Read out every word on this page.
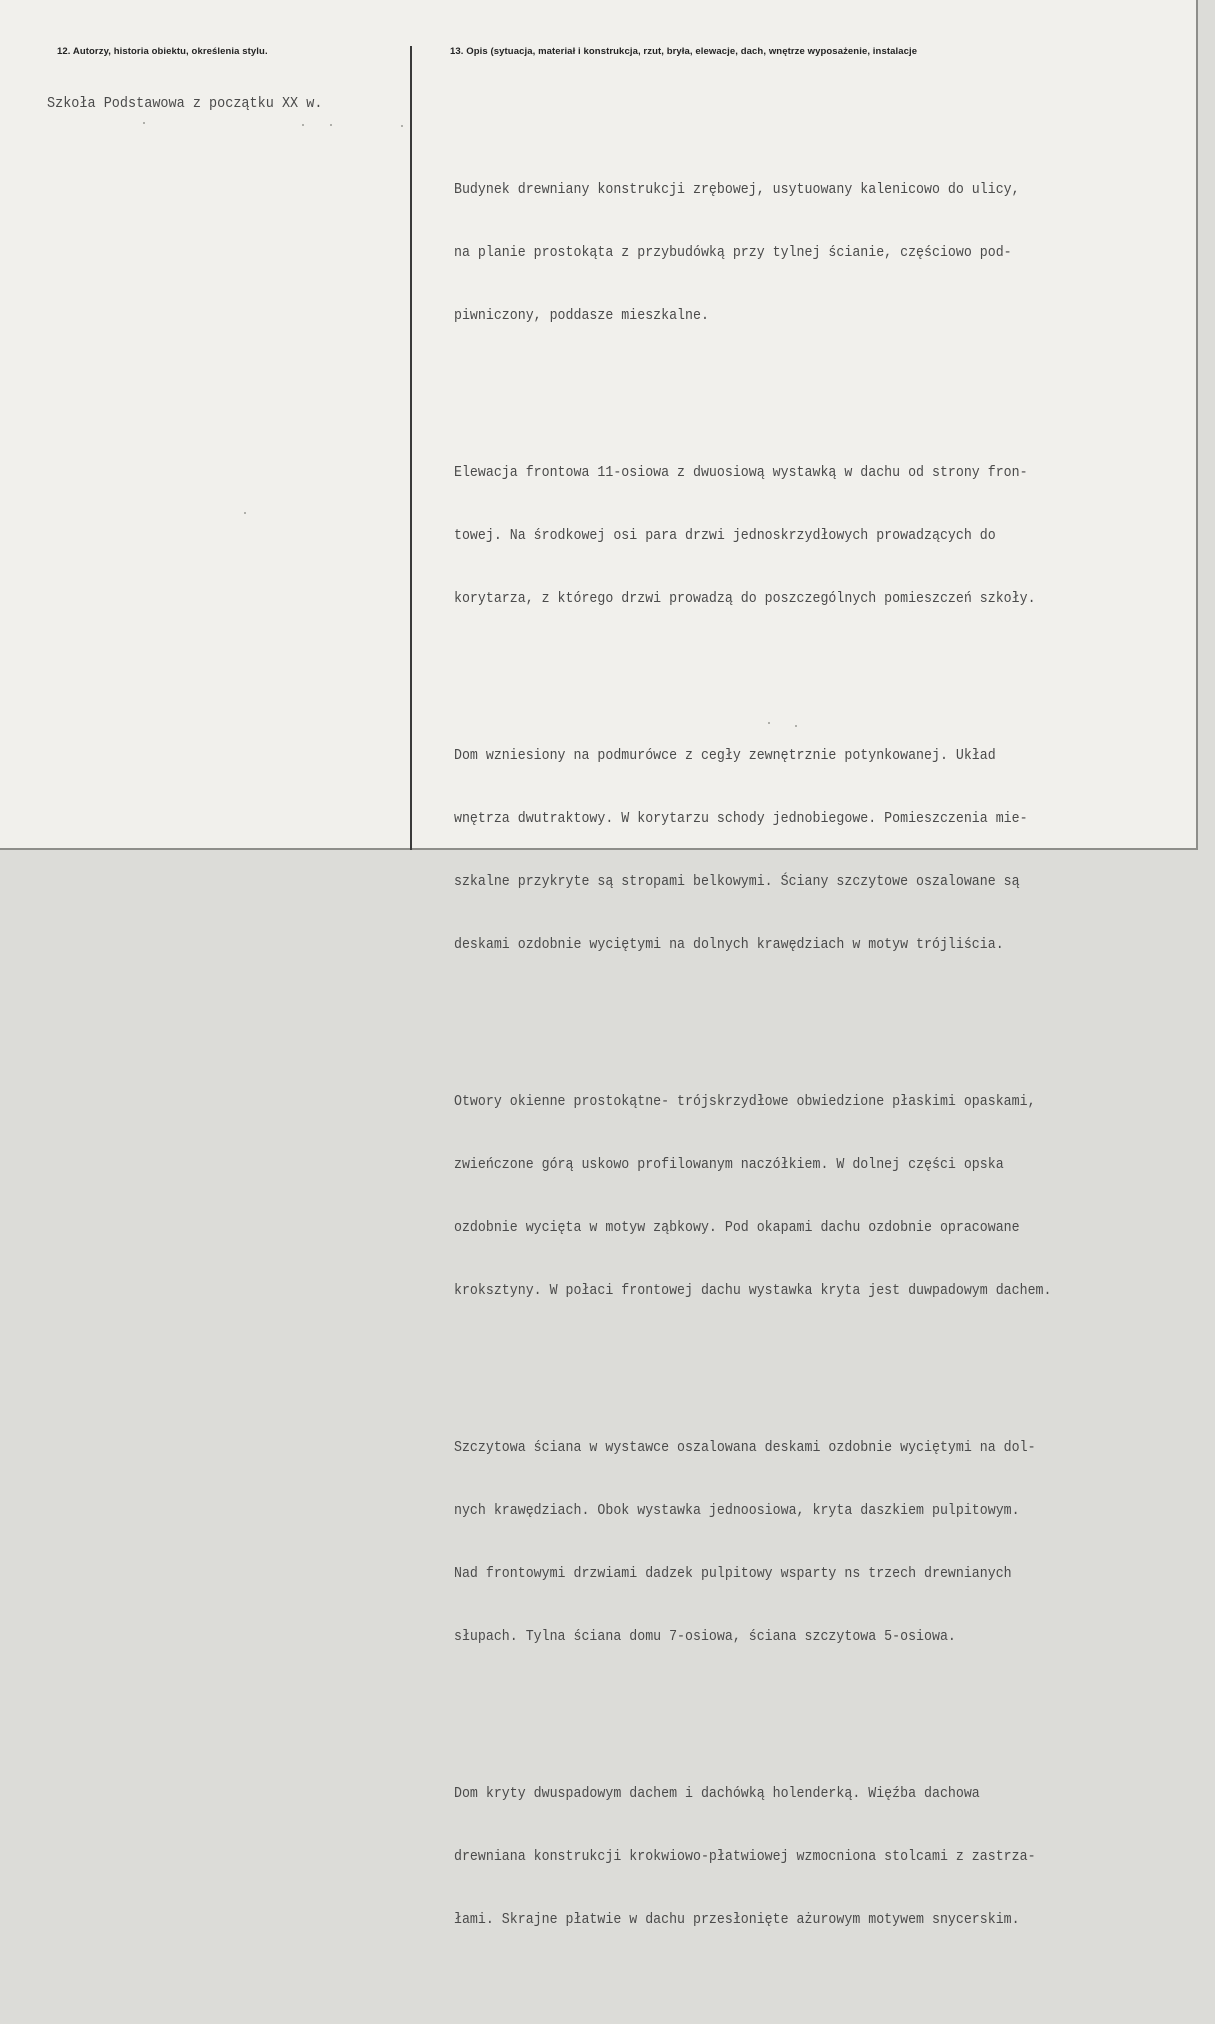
12. Autorzy, historia obiektu, określenia stylu.	13. Opis (sytuacja, materiał i konstrukcja, rzut, bryła, elewacje, dach, wnętrze wyposażenie, instalacje
Szkoła Podstawowa z początku XX w.

Budynek drewniany konstrukcji zrębowej, usytuowany kalenicowo do ulicy,

na planie prostokąta z przybudówką przy tylnej ścianie, częściowo pod-

piwniczony, poddasze mieszkalne.

Elewacja frontowa 11-osiowa z dwuosiową wystawką w dachu od strony fron-

towej. Na środkowej osi para drzwi jednoskrzydłowych prowadzących do

korytarza, z którego drzwi prowadzą do poszczególnych pomieszczeń szkoły.

Dom wzniesiony na podmurówce z cegły zewnętrznie potynkowanej. Układ

wnętrza dwutraktowy. W korytarzu schody jednobiegowe. Pomieszczenia mie-

szkalne przykryte są stropami belkowymi. Ściany szczytowe oszalowane są

deskami ozdobnie wyciętymi na dolnych krawędziach w motyw trójliścia.

Otwory okienne prostokątne- trójskrzydłowe obwiedzione płaskimi opaskami,

zwieńczone górą uskowo profilowanym naczółkiem. W dolnej części opska

ozdobnie wycięta w motyw ząbkowy. Pod okapami dachu ozdobnie opracowane

kroksztyny. W połaci frontowej dachu wystawka kryta jest duwpadowym dachem.

Szczytowa ściana w wystawce oszalowana deskami ozdobnie wyciętymi na dol-

nych krawędziach. Obok wystawka jednoosiowa, kryta daszkiem pulpitowym.

Nad frontowymi drzwiami dadzek pulpitowy wsparty ns trzech drewnianych

słupach. Tylna ściana domu 7-osiowa, ściana szczytowa 5-osiowa.

Dom kryty dwuspadowym dachem i dachówką holenderką. Więźba dachowa

drewniana konstrukcji krokwiowo-płatwiowej wzmocniona stolcami z zastrza-

łami. Skrajne płatwie w dachu przesłonięte ażurowym motywem snycerskim.
